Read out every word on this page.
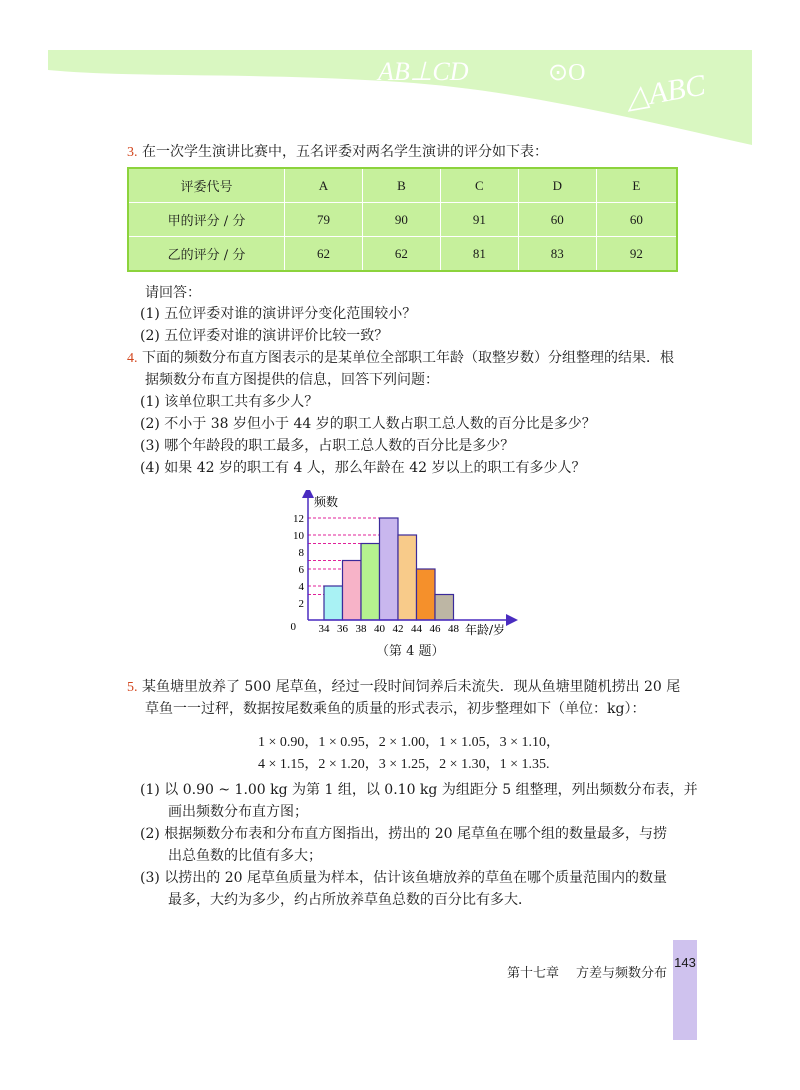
AB⊥CD	⊙O △ABC
3. 在一次学生演讲比赛中，五名评委对两名学生演讲的评分如下表：
评委代号	A	B	C	D	E
甲的评分 / 分	79	90	91	60	60
乙的评分 / 分	62	62	81	83	92
请回答：
(1) 五位评委对谁的演讲评分变化范围较小？
(2) 五位评委对谁的演讲评价比较一致？
4. 下面的频数分布直方图表示的是某单位全部职工年龄（取整岁数）分组整理的结果．根
据频数分布直方图提供的信息，回答下列问题：
(1) 该单位职工共有多少人？
(2) 不小于 38 岁但小于 44 岁的职工人数占职工总人数的百分比是多少？
(3) 哪个年龄段的职工最多，占职工总人数的百分比是多少？
(4) 如果 42 岁的职工有 4 人，那么年龄在 42 岁以上的职工有多少人？
0
2
4
6
8
10
12
34 36 38 40 42 44 46 48
频数
年龄/岁
（第 4 题）
5. 某鱼塘里放养了 500 尾草鱼，经过一段时间饲养后未流失．现从鱼塘里随机捞出 20 尾
草鱼一一过秤，数据按尾数乘鱼的质量的形式表示，初步整理如下（单位：kg）：
1 × 0.90，1 × 0.95，2 × 1.00，1 × 1.05，3 × 1.10，
4 × 1.15，2 × 1.20，3 × 1.25，2 × 1.30，1 × 1.35.
(1) 以 0.90 ~ 1.00 kg 为第 1 组，以 0.10 kg 为组距分 5 组整理，列出频数分布表，并
画出频数分布直方图；
(2) 根据频数分布表和分布直方图指出，捞出的 20 尾草鱼在哪个组的数量最多，与捞
出总鱼数的比值有多大；
(3) 以捞出的 20 尾草鱼质量为样本，估计该鱼塘放养的草鱼在哪个质量范围内的数量
最多，大约为多少，约占所放养草鱼总数的百分比有多大．
第十七章 方差与频数分布
143
